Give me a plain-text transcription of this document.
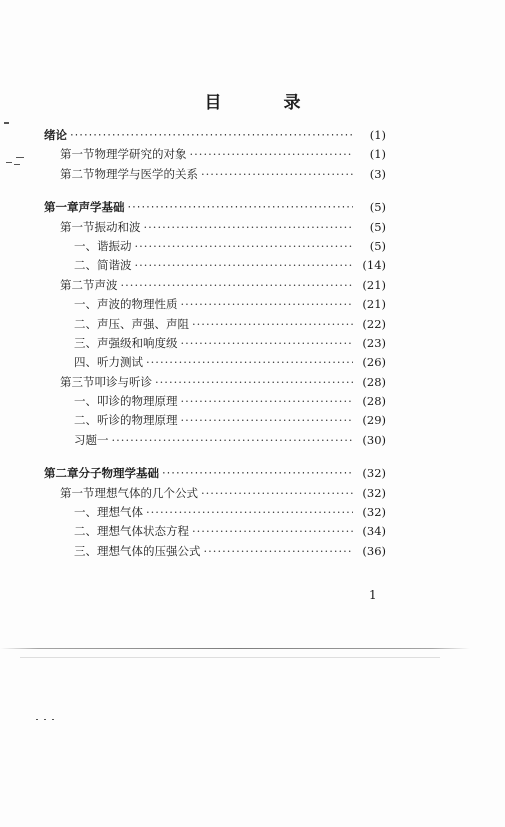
目 录
绪论 ·····	(1)
第一节 物理学研究的对象 ·····	(1)
第二节 物理学与医学的关系 ·····	(3)
第一章 声学基础 ·····	(5)
第一节 振动和波 ·····	(5)
一、谐振动 ·····	(5)
二、简谐波 ·····	(14)
第二节 声波 ·····	(21)
一、声波的物理性质 ·····	(21)
二、声压、声强、声阻 ·····	(22)
三、声强级和响度级 ·····	(23)
四、听力测试 ·····	(26)
第三节 叩诊与听诊 ·····	(28)
一、叩诊的物理原理 ·····	(28)
二、听诊的物理原理 ·····	(29)
习题一 ·····	(30)
第二章 分子物理学基础 ·····	(32)
第一节 理想气体的几个公式 ·····	(32)
一、理想气体 ·····	(32)
二、理想气体状态方程 ·····	(34)
三、理想气体的压强公式 ·····	(36)
1
